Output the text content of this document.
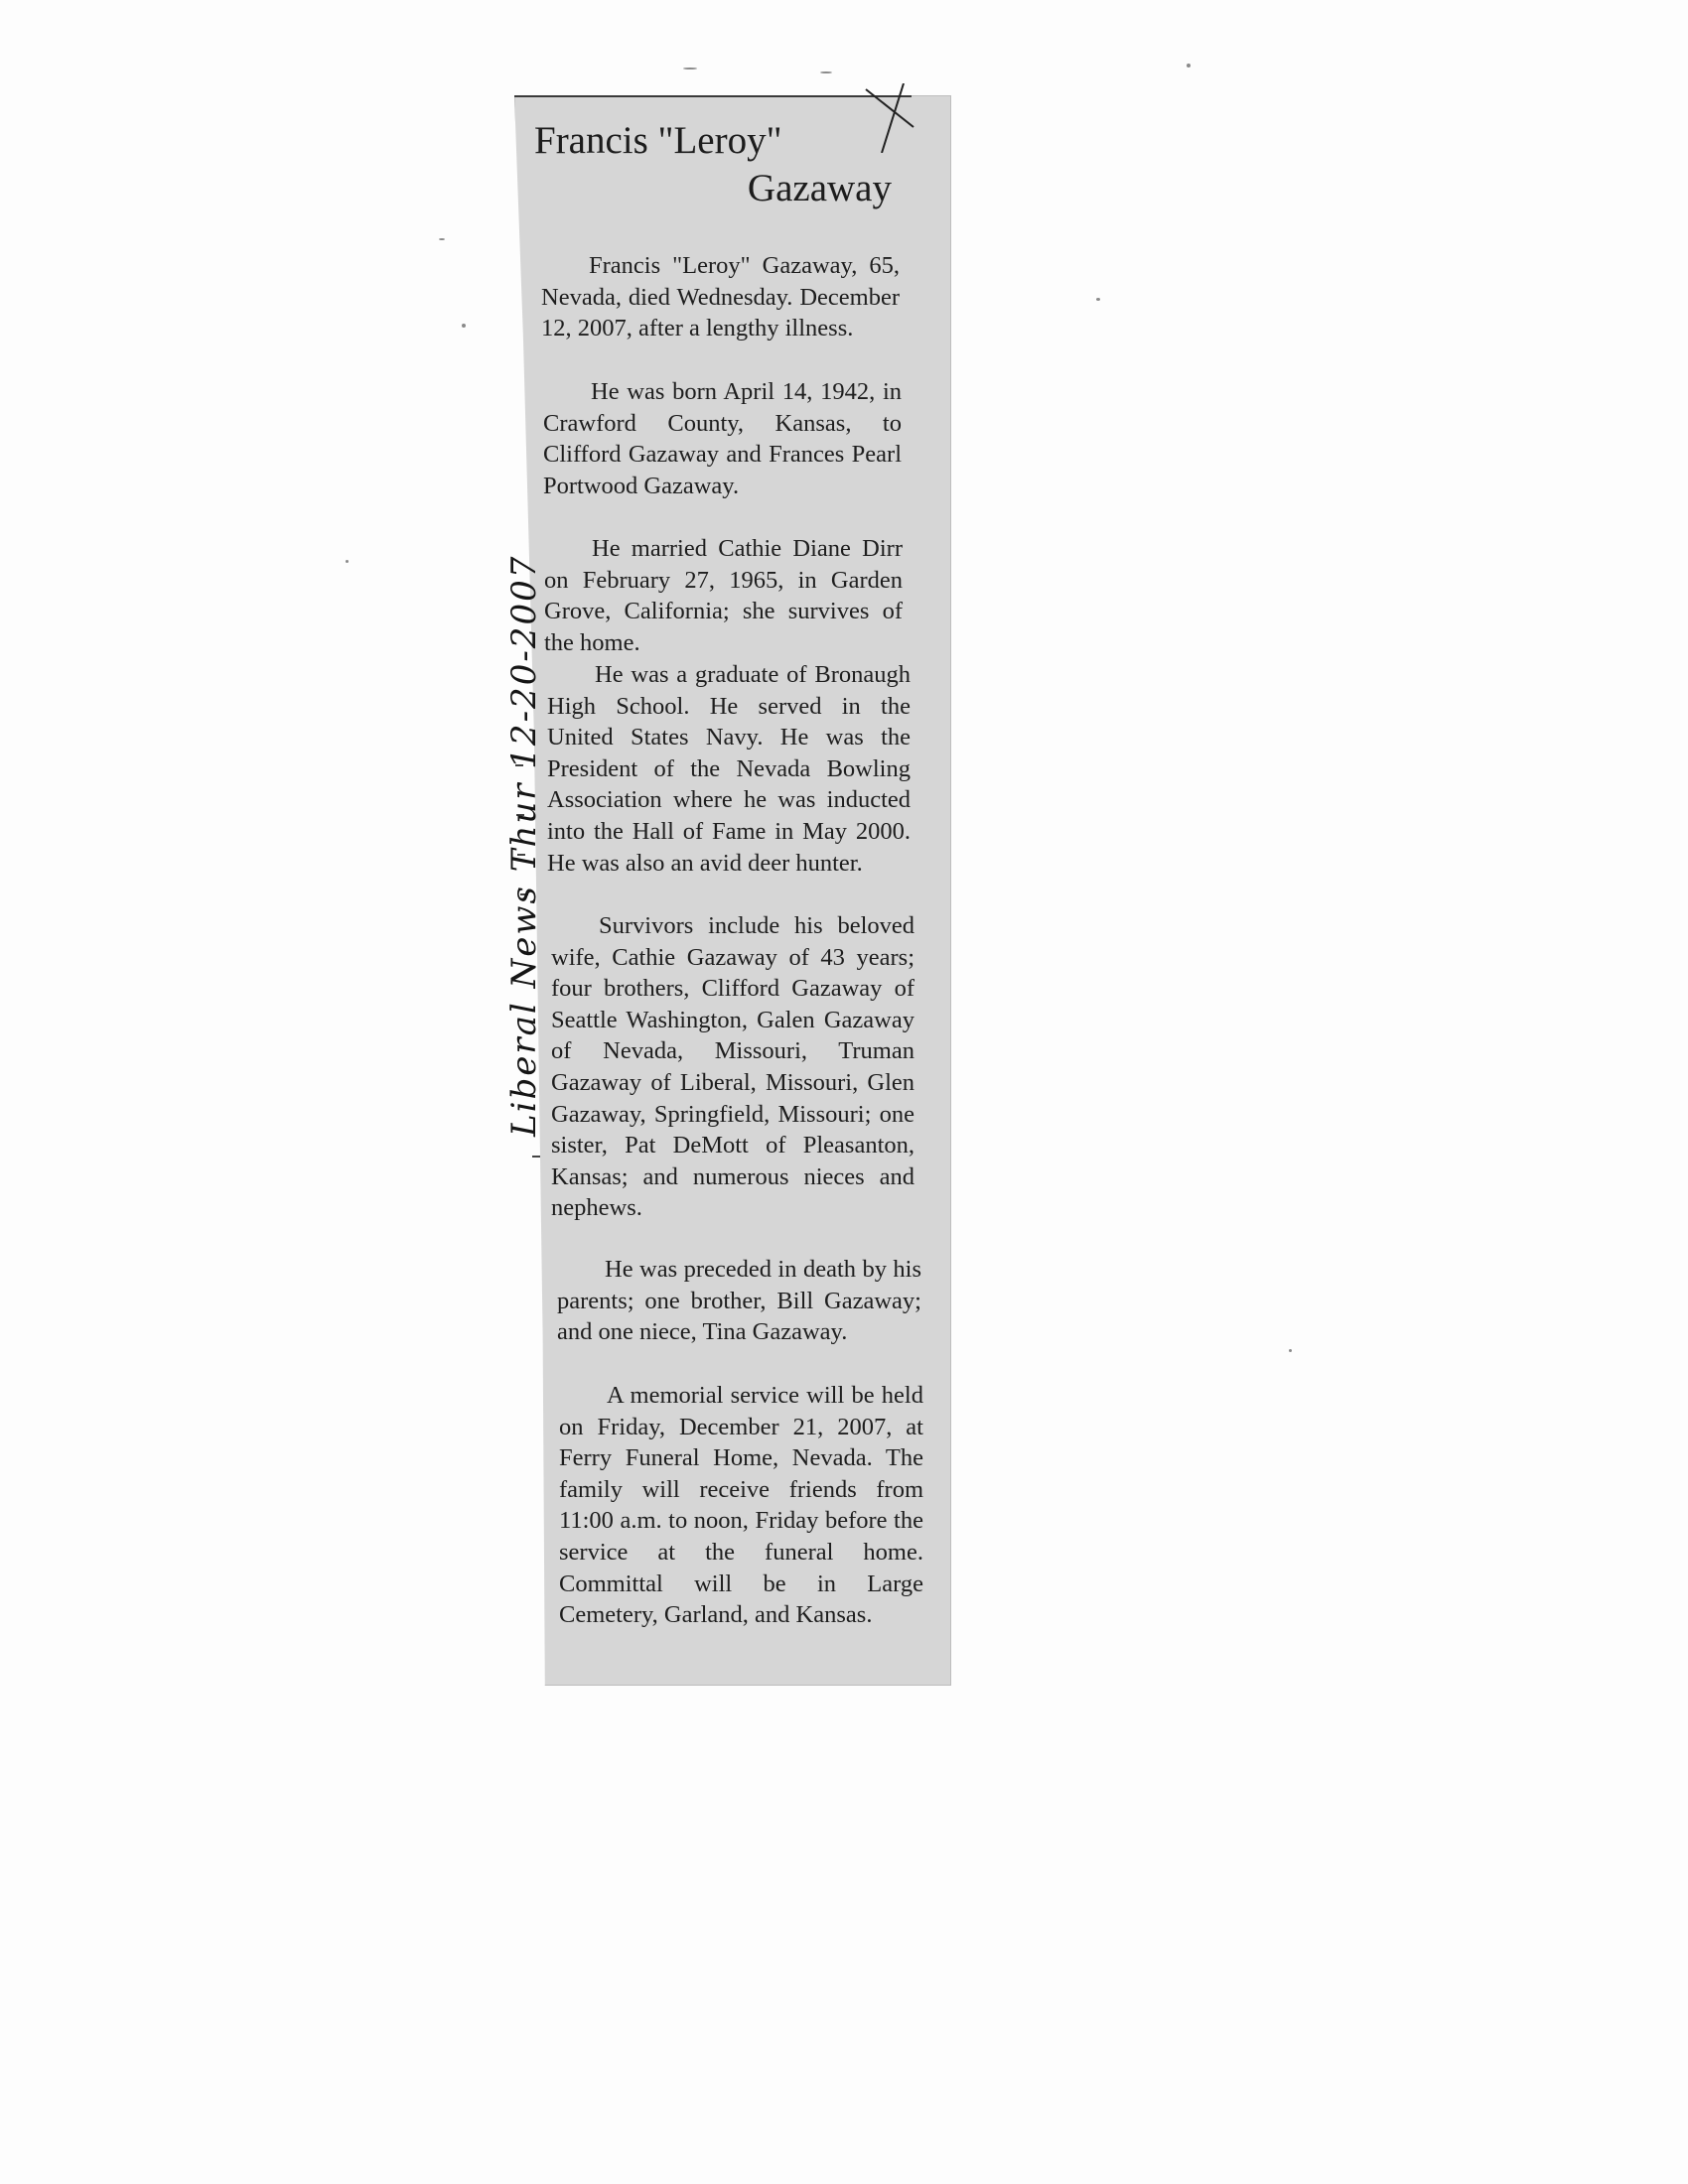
Francis "Leroy"
Gazaway

Francis "Leroy" Gazaway, 65, Nevada, died Wednesday. December 12, 2007, after a lengthy illness.

He was born April 14, 1942, in Crawford County, Kansas, to Clifford Gazaway and Frances Pearl Portwood Gazaway.

He married Cathie Diane Dirr on February 27, 1965, in Garden Grove, California; she survives of the home.

He was a graduate of Bronaugh High School. He served in the United States Navy. He was the President of the Nevada Bowling Association where he was inducted into the Hall of Fame in May 2000. He was also an avid deer hunter.

Survivors include his beloved wife, Cathie Gazaway of 43 years; four brothers, Clifford Gazaway of Seattle Washington, Galen Gazaway of Nevada, Missouri, Truman Gazaway of Liberal, Missouri, Glen Gazaway, Springfield, Missouri; one sister, Pat DeMott of Pleasanton, Kansas; and numerous nieces and nephews.

He was preceded in death by his parents; one brother, Bill Gazaway; and one niece, Tina Gazaway.

A memorial service will be held on Friday, December 21, 2007, at Ferry Funeral Home, Nevada. The family will receive friends from 11:00 a.m. to noon, Friday before the service at the funeral home. Committal will be in Large Cemetery, Garland, and Kansas.

Liberal News Thur 12-20-2007
